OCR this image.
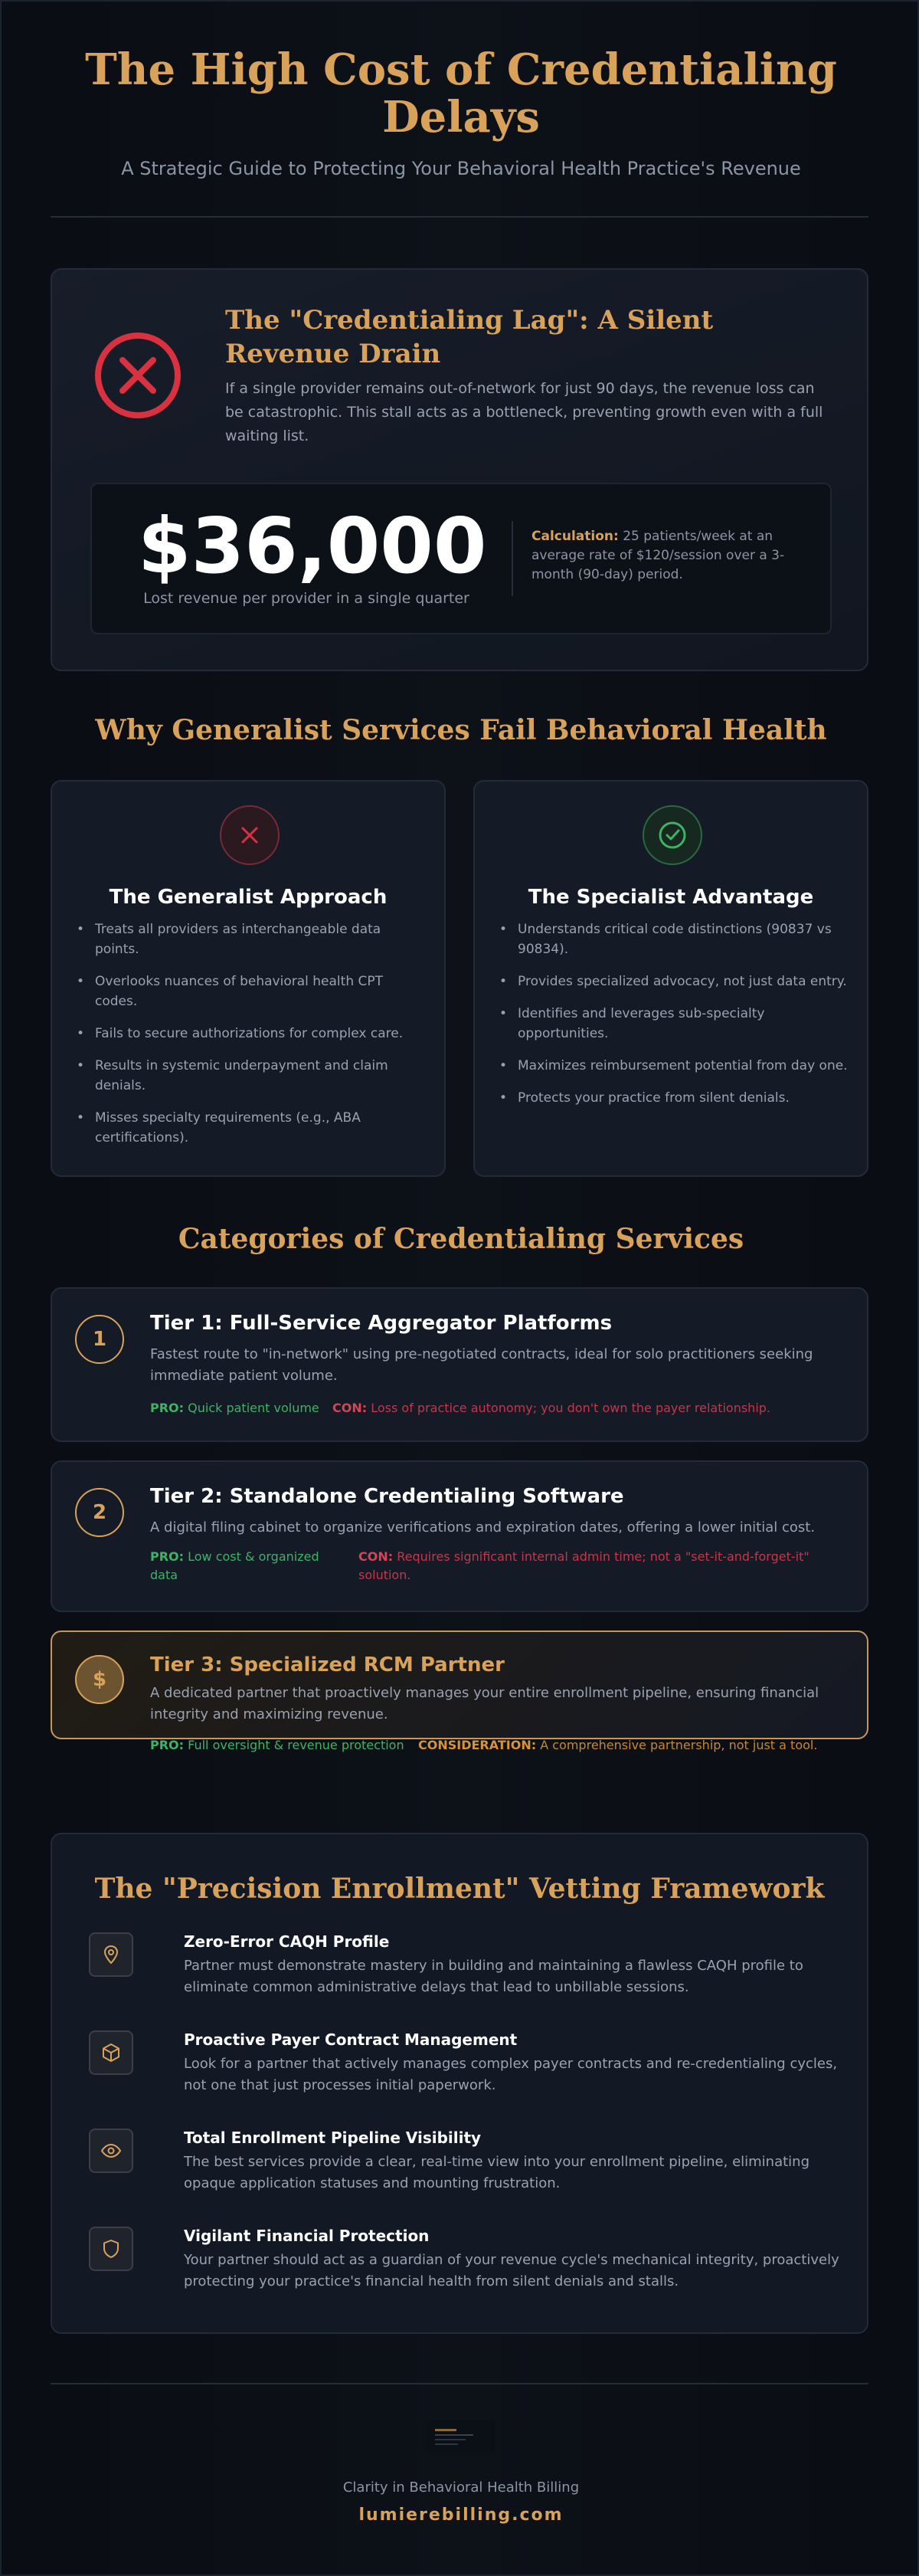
The High Cost of Credentialing Delays

A Strategic Guide to Protecting Your Behavioral Health Practice's Revenue

The "Credentialing Lag": A Silent Revenue Drain

If a single provider remains out-of-network for just 90 days, the revenue loss can be catastrophic. This stall acts as a bottleneck, preventing growth even with a full waiting list.

$36,000
Lost revenue per provider in a single quarter
Calculation: 25 patients/week at an average rate of $120/session over a 3-month (90-day) period.
Why Generalist Services Fail Behavioral Health
The Generalist Approach
• Treats all providers as interchangeable data points.
• Overlooks nuances of behavioral health CPT codes.
• Fails to secure authorizations for complex care.
• Results in systemic underpayment and claim denials.
• Misses specialty requirements (e.g., ABA certifications).
The Specialist Advantage
• Understands critical code distinctions (90837 vs 90834).
• Provides specialized advocacy, not just data entry.
• Identifies and leverages sub-specialty opportunities.
• Maximizes reimbursement potential from day one.
• Protects your practice from silent denials.
Categories of Credentialing Services
1
Tier 1: Full-Service Aggregator Platforms

Fastest route to "in-network" using pre-negotiated contracts, ideal for solo practitioners seeking immediate patient volume.

PRO: Quick patient volume CON: Loss of practice autonomy; you don't own the payer relationship.
2
Tier 2: Standalone Credentialing Software

A digital filing cabinet to organize verifications and expiration dates, offering a lower initial cost.

PRO: Low cost & organized data
CON: Requires significant internal admin time; not a "set-it-and-forget-it" solution.
$
Tier 3: Specialized RCM Partner

A dedicated partner that proactively manages your entire enrollment pipeline, ensuring financial integrity and maximizing revenue.

PRO: Full oversight & revenue protection CONSIDERATION: A comprehensive partnership, not just a tool.
The "Precision Enrollment" Vetting Framework
Zero-Error CAQH Profile

Partner must demonstrate mastery in building and maintaining a flawless CAQH profile to eliminate common administrative delays that lead to unbillable sessions.

Proactive Payer Contract Management

Look for a partner that actively manages complex payer contracts and re-credentialing cycles, not one that just processes initial paperwork.

Total Enrollment Pipeline Visibility

The best services provide a clear, real-time view into your enrollment pipeline, eliminating opaque application statuses and mounting frustration.

Vigilant Financial Protection

Your partner should act as a guardian of your revenue cycle's mechanical integrity, proactively protecting your practice's financial health from silent denials and stalls.

Clarity in Behavioral Health Billing
lumierebilling.com
